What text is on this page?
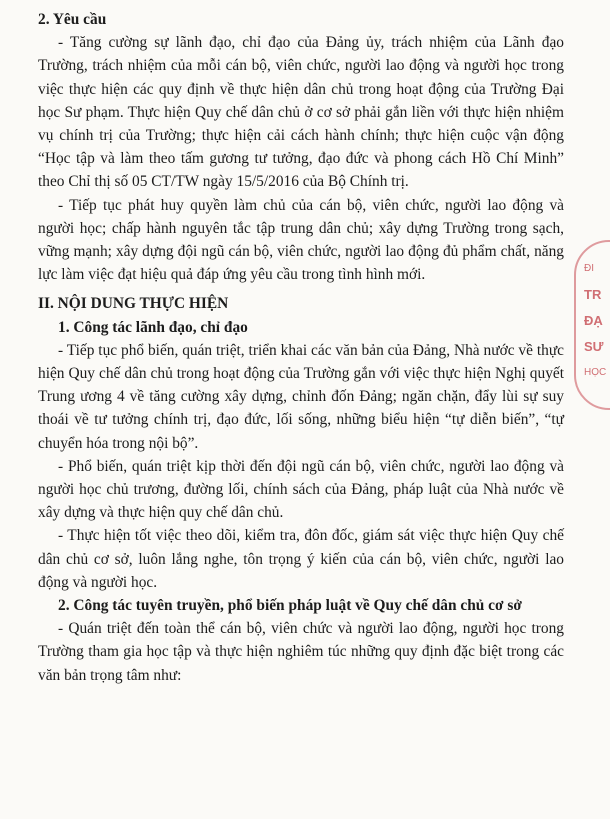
2. Yêu cầu

- Tăng cường sự lãnh đạo, chỉ đạo của Đảng ủy, trách nhiệm của Lãnh đạo Trường, trách nhiệm của mỗi cán bộ, viên chức, người lao động và người học trong việc thực hiện các quy định về thực hiện dân chủ trong hoạt động của Trường Đại học Sư phạm. Thực hiện Quy chế dân chủ ở cơ sở phải gắn liền với thực hiện nhiệm vụ chính trị của Trường; thực hiện cải cách hành chính; thực hiện cuộc vận động “Học tập và làm theo tấm gương tư tưởng, đạo đức và phong cách Hồ Chí Minh” theo Chỉ thị số 05 CT/TW ngày 15/5/2016 của Bộ Chính trị.

- Tiếp tục phát huy quyền làm chủ của cán bộ, viên chức, người lao động và người học; chấp hành nguyên tắc tập trung dân chủ; xây dựng Trường trong sạch, vững mạnh; xây dựng đội ngũ cán bộ, viên chức, người lao động đủ phẩm chất, năng lực làm việc đạt hiệu quả đáp ứng yêu cầu trong tình hình mới.

II. NỘI DUNG THỰC HIỆN

1. Công tác lãnh đạo, chỉ đạo

- Tiếp tục phổ biến, quán triệt, triển khai các văn bản của Đảng, Nhà nước về thực hiện Quy chế dân chủ trong hoạt động của Trường gắn với việc thực hiện Nghị quyết Trung ương 4 về tăng cường xây dựng, chỉnh đốn Đảng; ngăn chặn, đẩy lùi sự suy thoái về tư tưởng chính trị, đạo đức, lối sống, những biểu hiện “tự diễn biến”, “tự chuyển hóa trong nội bộ”.

- Phổ biến, quán triệt kịp thời đến đội ngũ cán bộ, viên chức, người lao động và người học chủ trương, đường lối, chính sách của Đảng, pháp luật của Nhà nước về xây dựng và thực hiện quy chế dân chủ.

- Thực hiện tốt việc theo dõi, kiểm tra, đôn đốc, giám sát việc thực hiện Quy chế dân chủ cơ sở, luôn lắng nghe, tôn trọng ý kiến của cán bộ, viên chức, người lao động và người học.

2. Công tác tuyên truyền, phổ biến pháp luật về Quy chế dân chủ cơ sở

- Quán triệt đến toàn thể cán bộ, viên chức và người lao động, người học trong Trường tham gia học tập và thực hiện nghiêm túc những quy định đặc biệt trong các văn bản trọng tâm như:

ĐI
TR
ĐẠ
SƯ
HỌC
